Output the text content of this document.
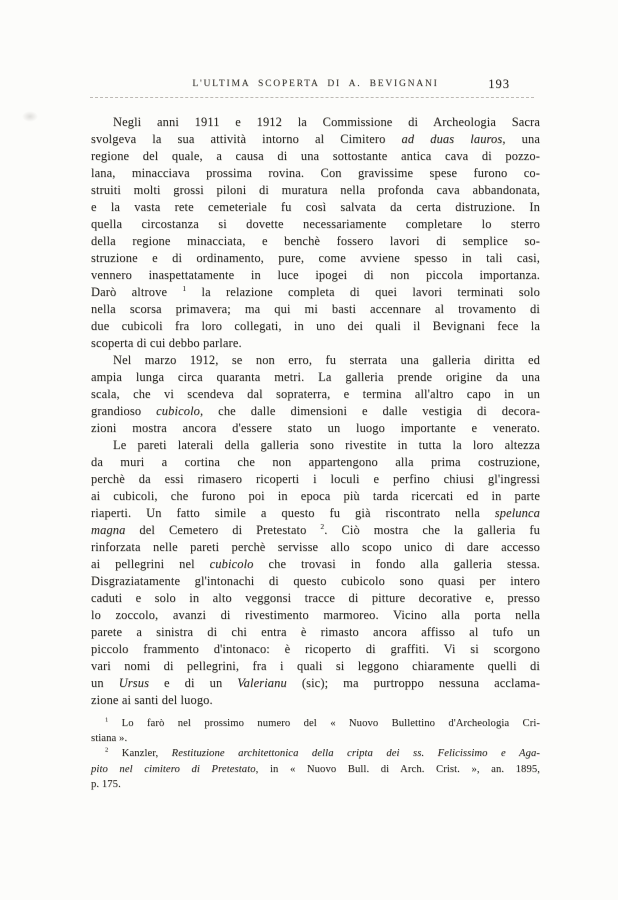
L'ULTIMA SCOPERTA DI A. BEVIGNANI	193
Negli anni 1911 e 1912 la Commissione di Archeologia Sacra
svolgeva la sua attività intorno al Cimitero ad duas lauros, una
regione del quale, a causa di una sottostante antica cava di pozzo-
lana, minacciava prossima rovina. Con gravissime spese furono co-
struiti molti grossi piloni di muratura nella profonda cava abbandonata,
e la vasta rete cemeteriale fu così salvata da certa distruzione. In
quella circostanza si dovette necessariamente completare lo sterro
della regione minacciata, e benchè fossero lavori di semplice so-
struzione e di ordinamento, pure, come avviene spesso in tali casi,
vennero inaspettatamente in luce ipogei di non piccola importanza.
Darò altrove $^1$ la relazione completa di quei lavori terminati solo
nella scorsa primavera; ma qui mi basti accennare al trovamento di
due cubicoli fra loro collegati, in uno dei quali il Bevignani fece la
scoperta di cui debbo parlare.
Nel marzo 1912, se non erro, fu sterrata una galleria diritta ed
ampia lunga circa quaranta metri. La galleria prende origine da una
scala, che vi scendeva dal sopraterra, e termina all'altro capo in un
grandioso cubicolo, che dalle dimensioni e dalle vestigia di decora-
zioni mostra ancora d'essere stato un luogo importante e venerato.
Le pareti laterali della galleria sono rivestite in tutta la loro altezza
da muri a cortina che non appartengono alla prima costruzione,
perchè da essi rimasero ricoperti i loculi e perfino chiusi gl'ingressi
ai cubicoli, che furono poi in epoca più tarda ricercati ed in parte
riaperti. Un fatto simile a questo fu già riscontrato nella spelunca
magna del Cemetero di Pretestato $^2$. Ciò mostra che la galleria fu
rinforzata nelle pareti perchè servisse allo scopo unico di dare accesso
ai pellegrini nel cubicolo che trovasi in fondo alla galleria stessa.
Disgraziatamente gl'intonachi di questo cubicolo sono quasi per intero
caduti e solo in alto veggonsi tracce di pitture decorative e, presso
lo zoccolo, avanzi di rivestimento marmoreo. Vicino alla porta nella
parete a sinistra di chi entra è rimasto ancora affisso al tufo un
piccolo frammento d'intonaco: è ricoperto di graffiti. Vi si scorgono
vari nomi di pellegrini, fra i quali si leggono chiaramente quelli di
un Ursus e di un Valerianu (sic); ma purtroppo nessuna acclama-
zione ai santi del luogo.
$^1$ Lo farò nel prossimo numero del « Nuovo Bullettino d'Archeologia Cri-
stiana ».
$^2$ Kanzler, Restituzione architettonica della cripta dei ss. Felicissimo e Aga-
pito nel cimitero di Pretestato, in « Nuovo Bull. di Arch. Crist. », an. 1895,
p. 175.
